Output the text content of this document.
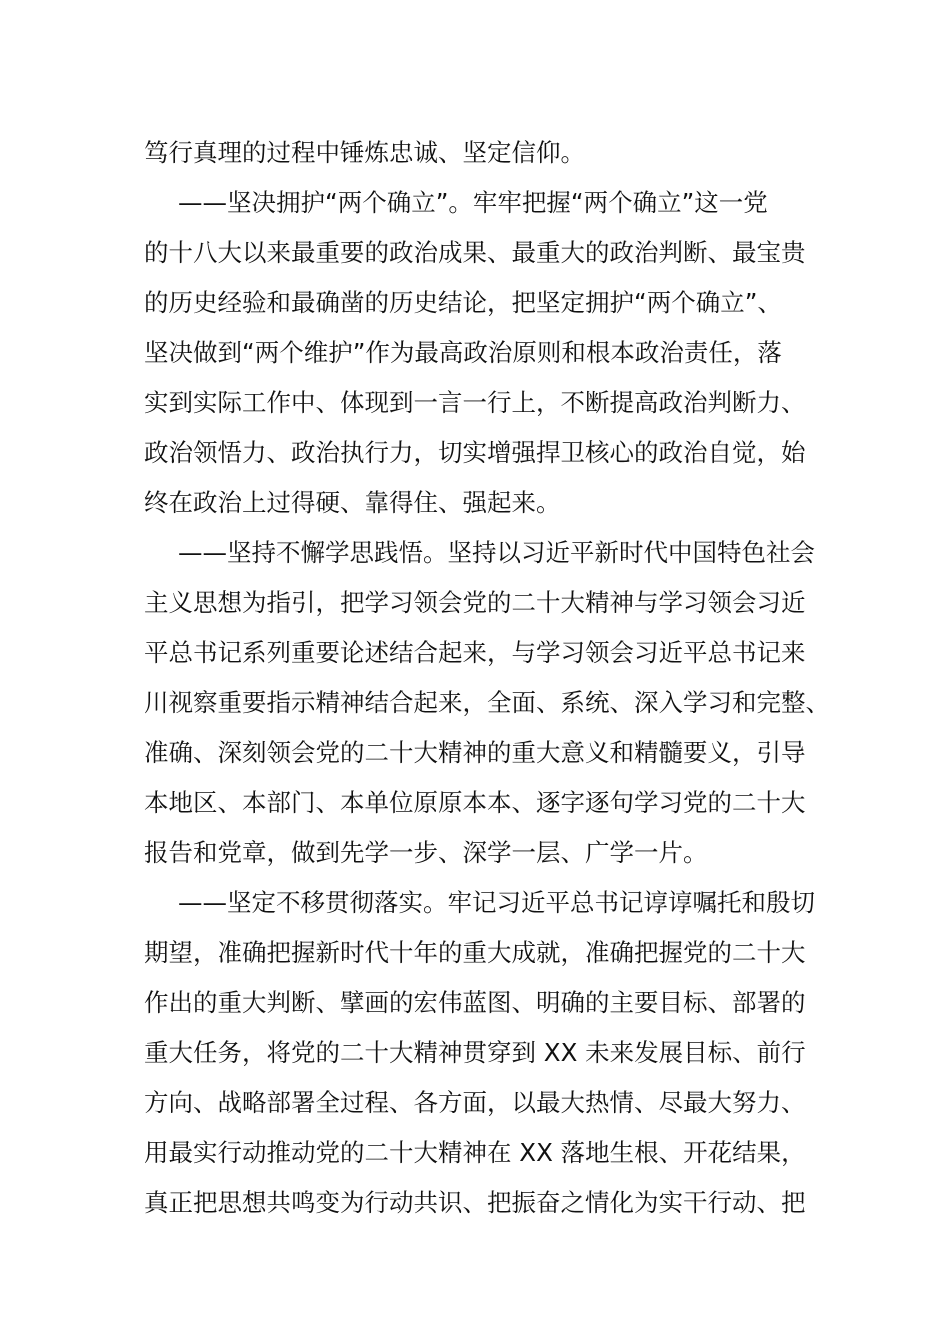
笃行真理的过程中锤炼忠诚、坚定信仰。
——坚决拥护“两个确立”。牢牢把握“两个确立”这一党
的十八大以来最重要的政治成果、最重大的政治判断、最宝贵
的历史经验和最确凿的历史结论，把坚定拥护“两个确立”、
坚决做到“两个维护”作为最高政治原则和根本政治责任，落
实到实际工作中、体现到一言一行上，不断提高政治判断力、
政治领悟力、政治执行力，切实增强捍卫核心的政治自觉，始
终在政治上过得硬、靠得住、强起来。
——坚持不懈学思践悟。坚持以习近平新时代中国特色社会
主义思想为指引，把学习领会党的二十大精神与学习领会习近
平总书记系列重要论述结合起来，与学习领会习近平总书记来
川视察重要指示精神结合起来，全面、系统、深入学习和完整、
准确、深刻领会党的二十大精神的重大意义和精髓要义，引导
本地区、本部门、本单位原原本本、逐字逐句学习党的二十大
报告和党章，做到先学一步、深学一层、广学一片。
——坚定不移贯彻落实。牢记习近平总书记谆谆嘱托和殷切
期望，准确把握新时代十年的重大成就，准确把握党的二十大
作出的重大判断、擘画的宏伟蓝图、明确的主要目标、部署的
重大任务，将党的二十大精神贯穿到 XX 未来发展目标、前行
方向、战略部署全过程、各方面，以最大热情、尽最大努力、
用最实行动推动党的二十大精神在 XX 落地生根、开花结果，
真正把思想共鸣变为行动共识、把振奋之情化为实干行动、把
